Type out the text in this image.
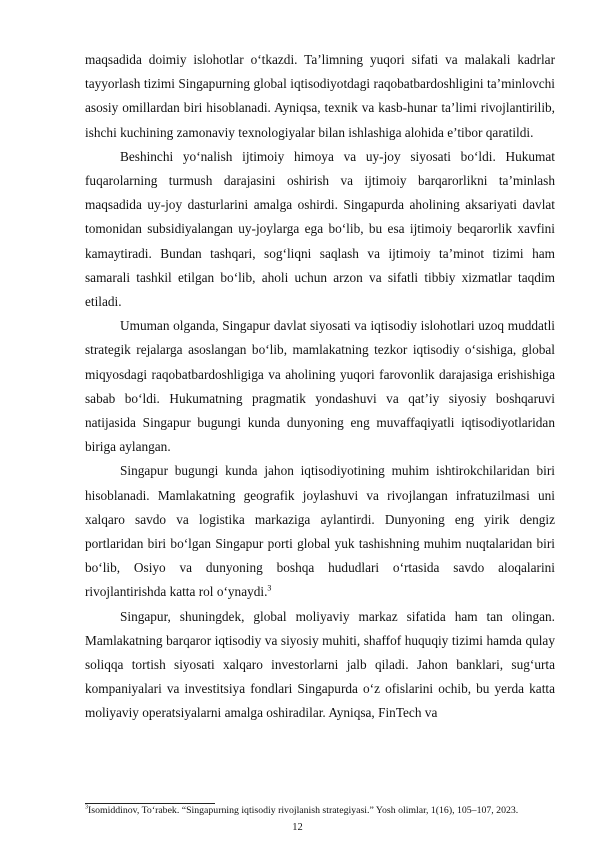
maqsadida doimiy islohotlar o‘tkazdi. Ta’limning yuqori sifati va malakali kadrlar tayyorlash tizimi Singapurning global iqtisodiyotdagi raqobatbardoshligini ta’minlovchi asosiy omillardan biri hisoblanadi. Ayniqsa, texnik va kasb-hunar ta’limi rivojlantirilib, ishchi kuchining zamonaviy texnologiyalar bilan ishlashiga alohida e’tibor qaratildi.

Beshinchi yo‘nalish ijtimoiy himoya va uy-joy siyosati bo‘ldi. Hukumat fuqarolarning turmush darajasini oshirish va ijtimoiy barqarorlikni ta’minlash maqsadida uy-joy dasturlarini amalga oshirdi. Singapurda aholining aksariyati davlat tomonidan subsidiyalangan uy-joylarga ega bo‘lib, bu esa ijtimoiy beqarorlik xavfini kamaytiradi. Bundan tashqari, sog‘liqni saqlash va ijtimoiy ta’minot tizimi ham samarali tashkil etilgan bo‘lib, aholi uchun arzon va sifatli tibbiy xizmatlar taqdim etiladi.

Umuman olganda, Singapur davlat siyosati va iqtisodiy islohotlari uzoq muddatli strategik rejalarga asoslangan bo‘lib, mamlakatning tezkor iqtisodiy o‘sishiga, global miqyosdagi raqobatbardoshligiga va aholining yuqori farovonlik darajasiga erishishiga sabab bo‘ldi. Hukumatning pragmatik yondashuvi va qat’iy siyosiy boshqaruvi natijasida Singapur bugungi kunda dunyoning eng muvaffaqiyatli iqtisodiyotlaridan biriga aylangan.

Singapur bugungi kunda jahon iqtisodiyotining muhim ishtirokchilaridan biri hisoblanadi. Mamlakatning geografik joylashuvi va rivojlangan infratuzilmasi uni xalqaro savdo va logistika markaziga aylantirdi. Dunyoning eng yirik dengiz portlaridan biri bo‘lgan Singapur porti global yuk tashishning muhim nuqtalaridan biri bo‘lib, Osiyo va dunyoning boshqa hududlari o‘rtasida savdo aloqalarini rivojlantirishda katta rol o‘ynaydi.$^3$

Singapur, shuningdek, global moliyaviy markaz sifatida ham tan olingan. Mamlakatning barqaror iqtisodiy va siyosiy muhiti, shaffof huquqiy tizimi hamda qulay soliqqa tortish siyosati xalqaro investorlarni jalb qiladi. Jahon banklari, sug‘urta kompaniyalari va investitsiya fondlari Singapurda o‘z ofislarini ochib, bu yerda katta moliyaviy operatsiyalarni amalga oshiradilar. Ayniqsa, FinTech va

$^3$Isomiddinov, To‘rabek. “Singapurning iqtisodiy rivojlanish strategiyasi.” Yosh olimlar, 1(16), 105–107, 2023.
12
